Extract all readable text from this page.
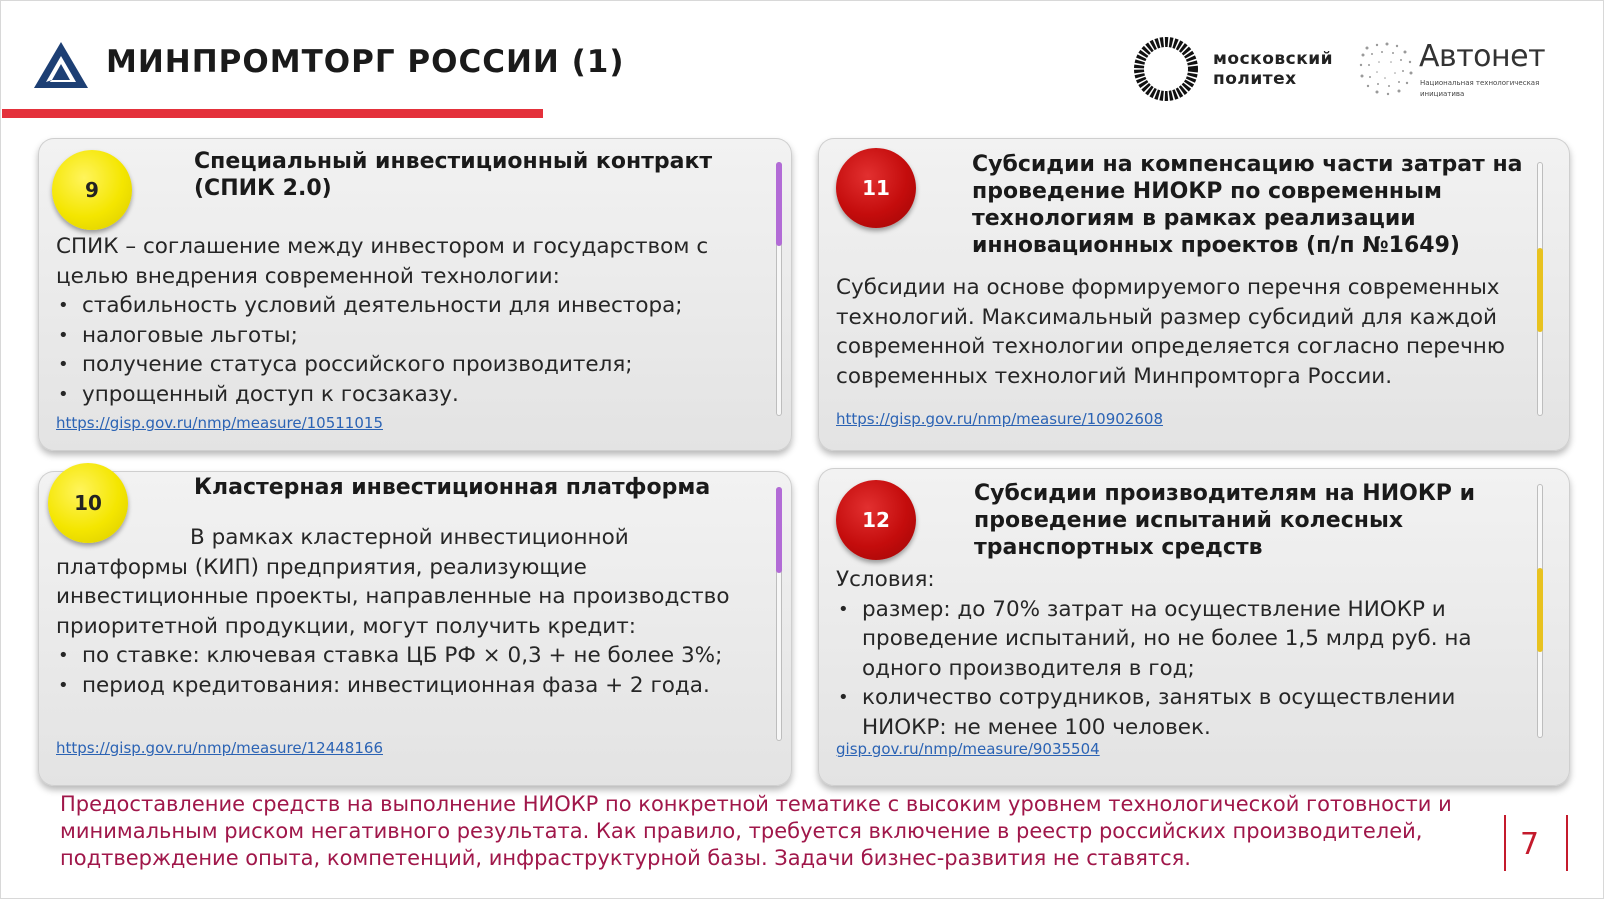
МИНПРОМТОРГ РОССИИ (1)	московский
политех
Автонет
Национальная технологическая инициатива
9
Специальный инвестиционный контракт (СПИК 2.0)
СПИК – соглашение между инвестором и государством с целью внедрения современной технологии:
• стабильность условий деятельности для инвестора;
• налоговые льготы;
• получение статуса российского производителя;
• упрощенный доступ к госзаказу.
https://gisp.gov.ru/nmp/measure/10511015
11
Субсидии на компенсацию части затрат на проведение НИОКР по современным технологиям в рамках реализации инновационных проектов (п/п №1649)
Субсидии на основе формируемого перечня современных технологий. Максимальный размер субсидий для каждой современной технологии определяется согласно перечню современных технологий Минпромторга России.
https://gisp.gov.ru/nmp/measure/10902608
10
Кластерная инвестиционная платформа
В рамках кластерной инвестиционной
платформы (КИП) предприятия, реализующие инвестиционные проекты, направленные на производство приоритетной продукции, могут получить кредит:
• по ставке: ключевая ставка ЦБ РФ × 0,3 + не более 3%;
• период кредитования: инвестиционная фаза + 2 года.
https://gisp.gov.ru/nmp/measure/12448166
12
Субсидии производителям на НИОКР и проведение испытаний колесных транспортных средств
Условия:
• размер: до 70% затрат на осуществление НИОКР и проведение испытаний, но не более 1,5 млрд руб. на одного производителя в год;
• количество сотрудников, занятых в осуществлении НИОКР: не менее 100 человек.
gisp.gov.ru/nmp/measure/9035504
Предоставление средств на выполнение НИОКР по конкретной тематике с высоким уровнем технологической готовности и минимальным риском негативного результата. Как правило, требуется включение в реестр российских производителей, подтверждение опыта, компетенций, инфраструктурной базы. Задачи бизнес-развития не ставятся.	7
